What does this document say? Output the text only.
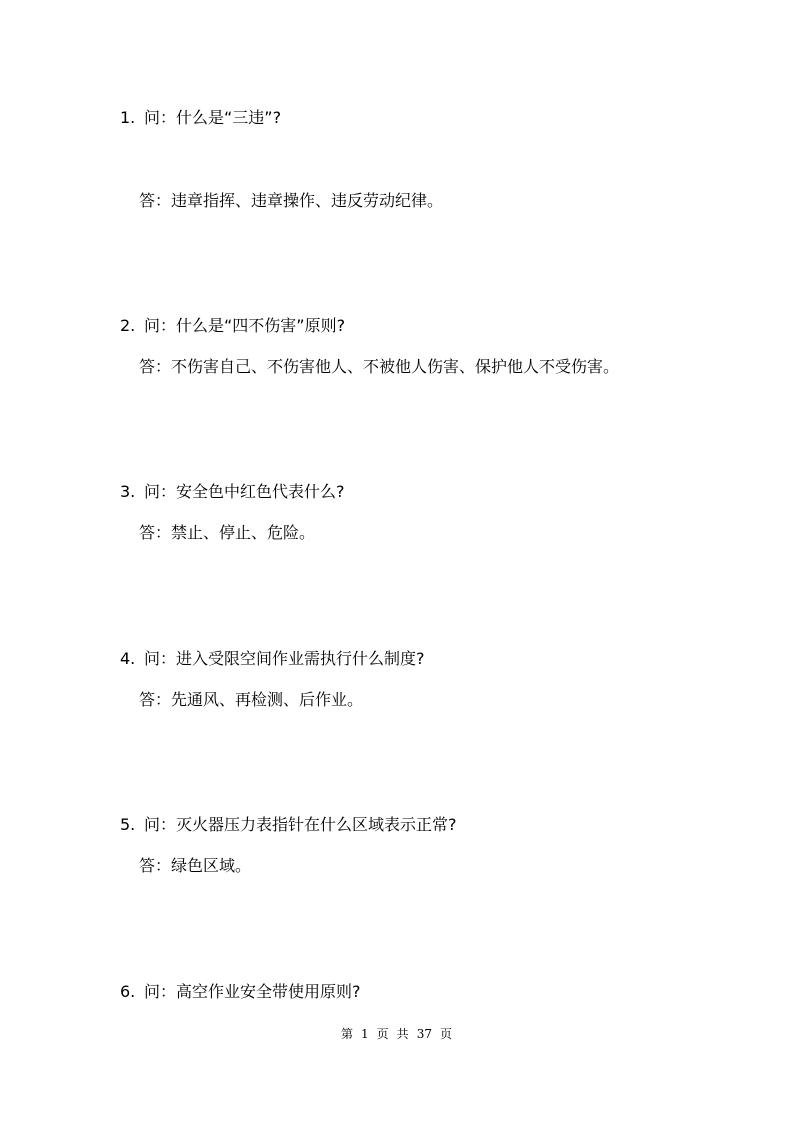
1. 问：什么是“三违”?
答：违章指挥、违章操作、违反劳动纪律。
2. 问：什么是“四不伤害”原则?
答：不伤害自己、不伤害他人、不被他人伤害、保护他人不受伤害。
3. 问：安全色中红色代表什么?
答：禁止、停止、危险。
4. 问：进入受限空间作业需执行什么制度?
答：先通风、再检测、后作业。
5. 问：灭火器压力表指针在什么区域表示正常?
答：绿色区域。
6. 问：高空作业安全带使用原则?
第 1 页 共 37 页
